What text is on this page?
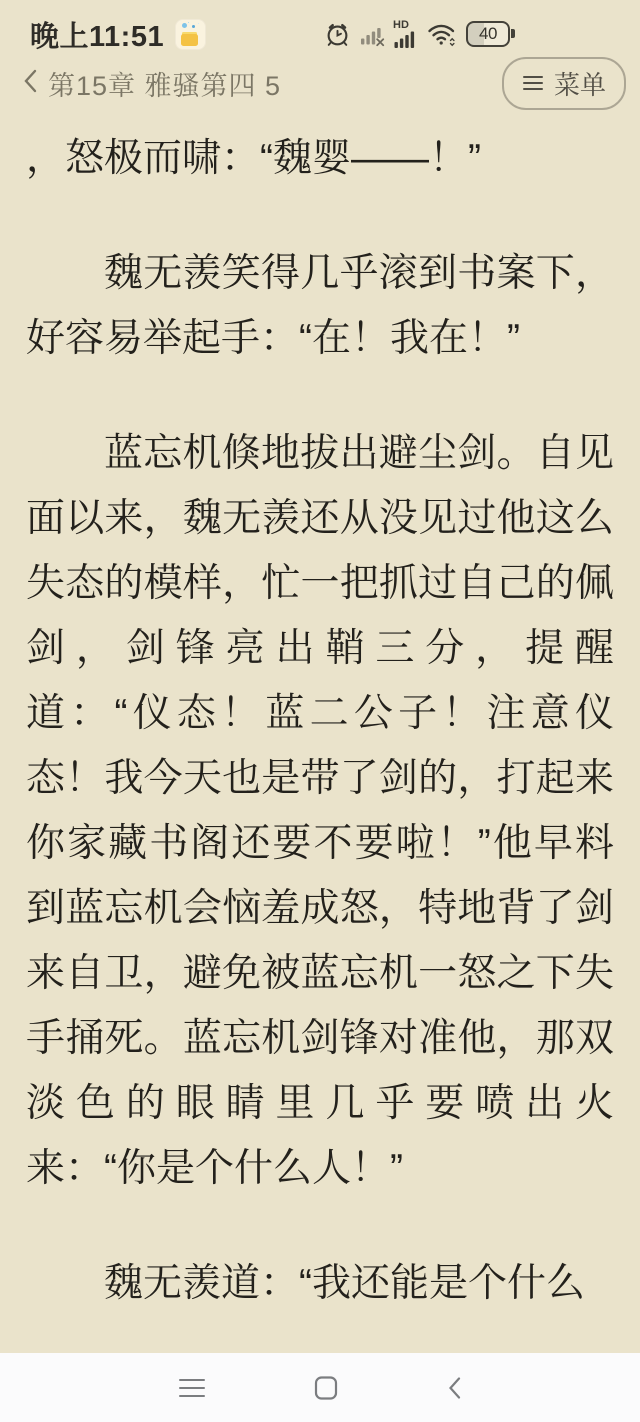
晚上11:51	HD	40
第15章 雅骚第四 5	菜单

，怒极而啸：“魏婴——！”

魏无羡笑得几乎滚到书案下，好容易举起手：“在！我在！”

蓝忘机倏地拔出避尘剑。自见面以来，魏无羡还从没见过他这么失态的模样，忙一把抓过自己的佩剑，剑锋亮出鞘三分，提醒道：“仪态！蓝二公子！注意仪态！我今天也是带了剑的，打起来你家藏书阁还要不要啦！”他早料到蓝忘机会恼羞成怒，特地背了剑来自卫，避免被蓝忘机一怒之下失手捅死。蓝忘机剑锋对准他，那双淡色的眼睛里几乎要喷出火来：“你是个什么人！”

魏无羡道：“我还能是个什么
